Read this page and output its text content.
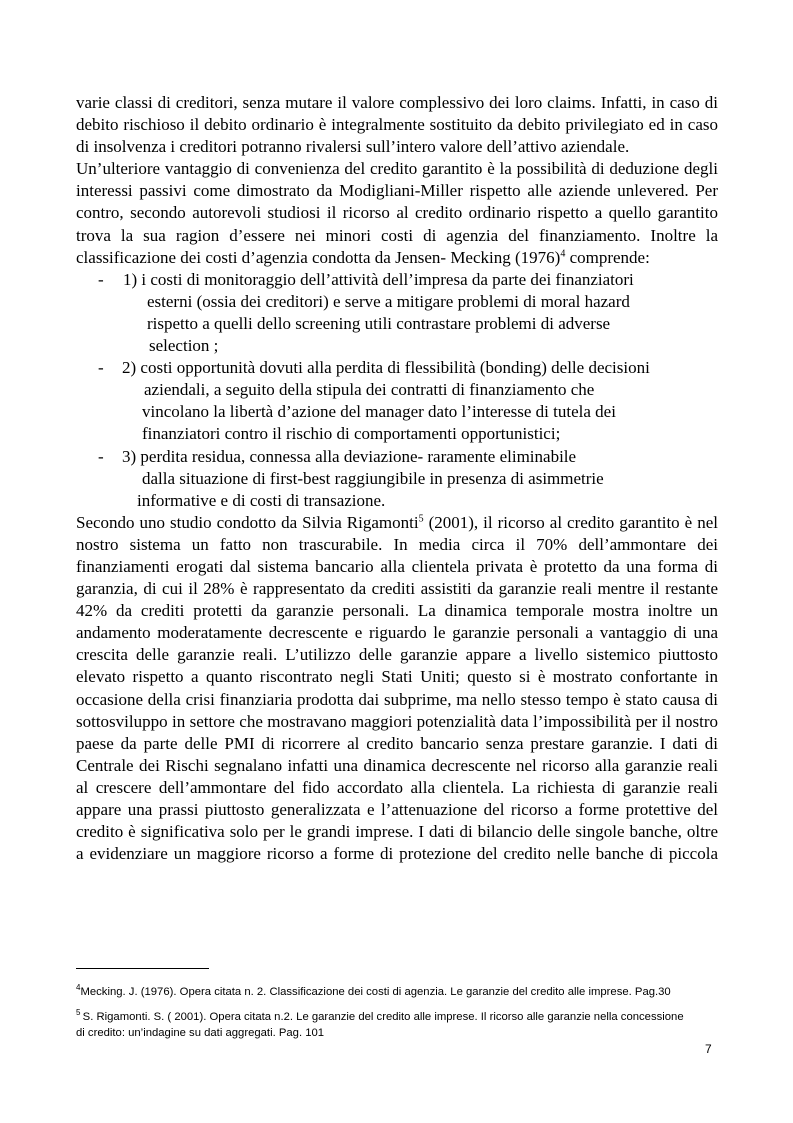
varie classi di creditori, senza mutare il valore complessivo dei loro claims. Infatti, in caso di debito rischioso il debito ordinario è integralmente sostituito da debito privilegiato ed in caso di insolvenza i creditori potranno rivalersi sull’intero valore dell’attivo aziendale.

Un’ulteriore vantaggio di convenienza del credito garantito è la possibilità di deduzione degli interessi passivi come dimostrato da Modigliani-Miller rispetto alle aziende unlevered. Per contro, secondo autorevoli studiosi il ricorso al credito ordinario rispetto a quello garantito trova la sua ragion d’essere nei minori costi di agenzia del finanziamento. Inoltre la classificazione dei costi d’agenzia condotta da Jensen- Mecking $(1976)^4$ comprende:

-	1) i costi di monitoraggio dell’attività dell’impresa da parte dei finanziatori
esterni (ossia dei creditori) e serve a mitigare problemi di moral hazard
rispetto a quelli dello screening utili contrastare problemi di adverse
selection ;
-	2) costi opportunità dovuti alla perdita di flessibilità (bonding) delle decisioni
aziendali, a seguito della stipula dei contratti di finanziamento che
vincolano la libertà d’azione del manager dato l’interesse di tutela dei
finanziatori contro il rischio di comportamenti opportunistici;
-	3) perdita residua, connessa alla deviazione- raramente eliminabile
dalla situazione di first-best raggiungibile in presenza di asimmetrie
informative e di costi di transazione.

Secondo uno studio condotto da Silvia Rigamonti$^5$ (2001), il ricorso al credito garantito è nel nostro sistema un fatto non trascurabile. In media circa il 70% dell’ammontare dei finanziamenti erogati dal sistema bancario alla clientela privata è protetto da una forma di garanzia, di cui il 28% è rappresentato da crediti assistiti da garanzie reali mentre il restante 42% da crediti protetti da garanzie personali. La dinamica temporale mostra inoltre un andamento moderatamente decrescente e riguardo le garanzie personali a vantaggio di una crescita delle garanzie reali. L’utilizzo delle garanzie appare a livello sistemico piuttosto elevato rispetto a quanto riscontrato negli Stati Uniti; questo si è mostrato confortante in occasione della crisi finanziaria prodotta dai subprime, ma nello stesso tempo è stato causa di sottosviluppo in settore che mostravano maggiori potenzialità data l’impossibilità per il nostro paese da parte delle PMI di ricorrere al credito bancario senza prestare garanzie. I dati di Centrale dei Rischi segnalano infatti una dinamica decrescente nel ricorso alla garanzie reali al crescere dell’ammontare del fido accordato alla clientela. La richiesta di garanzie reali appare una prassi piuttosto generalizzata e l’attenuazione del ricorso a forme protettive del credito è significativa solo per le grandi imprese. I dati di bilancio delle singole banche, oltre a evidenziare un maggiore ricorso a forme di protezione del credito nelle banche di piccola

$^4$Mecking. J. (1976). Opera citata n. 2. Classificazione dei costi di agenzia. Le garanzie del credito alle imprese. Pag.30

$^5$ S. Rigamonti. S. ( 2001). Opera citata n.2. Le garanzie del credito alle imprese. Il ricorso alle garanzie nella concessione
di credito: un’indagine su dati aggregati. Pag. 101

7
